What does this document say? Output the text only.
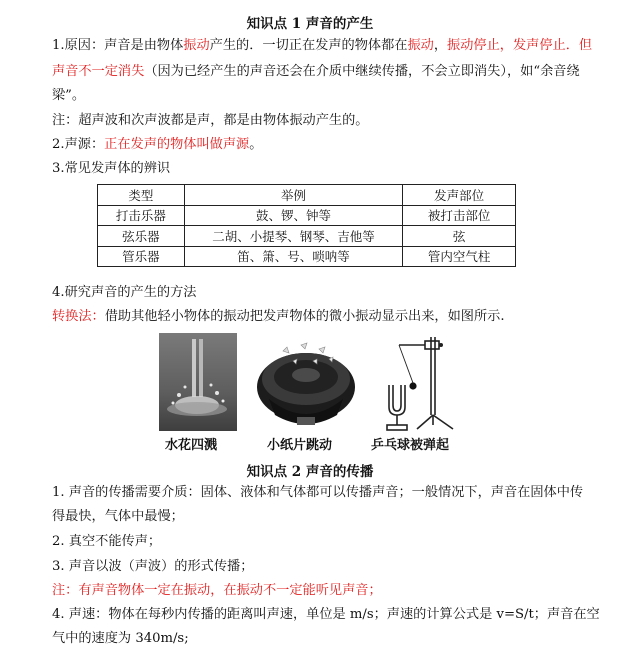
知识点 1 声音的产生
1.原因：声音是由物体振动产生的．一切正在发声的物体都在振动，振动停止，发声停止．但
声音不一定消失（因为已经产生的声音还会在介质中继续传播，不会立即消失），如“余音绕
梁”。
注：超声波和次声波都是声，都是由物体振动产生的。
2.声源：正在发声的物体叫做声源。
3.常见发声体的辨识
类型	举例	发声部位
打击乐器	鼓、锣、钟等	被打击部位
弦乐器	二胡、小提琴、钢琴、吉他等	弦
管乐器	笛、箫、号、唢呐等	管内空气柱
4.研究声音的产生的方法
转换法：借助其他轻小物体的振动把发声物体的微小振动显示出来，如图所示.
水花四溅	小纸片跳动	乒乓球被弹起
知识点 2 声音的传播
1. 声音的传播需要介质：固体、液体和气体都可以传播声音；一般情况下，声音在固体中传
得最快，气体中最慢；
2. 真空不能传声；
3. 声音以波（声波）的形式传播；
注：有声音物体一定在振动，在振动不一定能听见声音；
4. 声速：物体在每秒内传播的距离叫声速，单位是 m/s；声速的计算公式是 v=S/t；声音在空
气中的速度为 340m/s;
